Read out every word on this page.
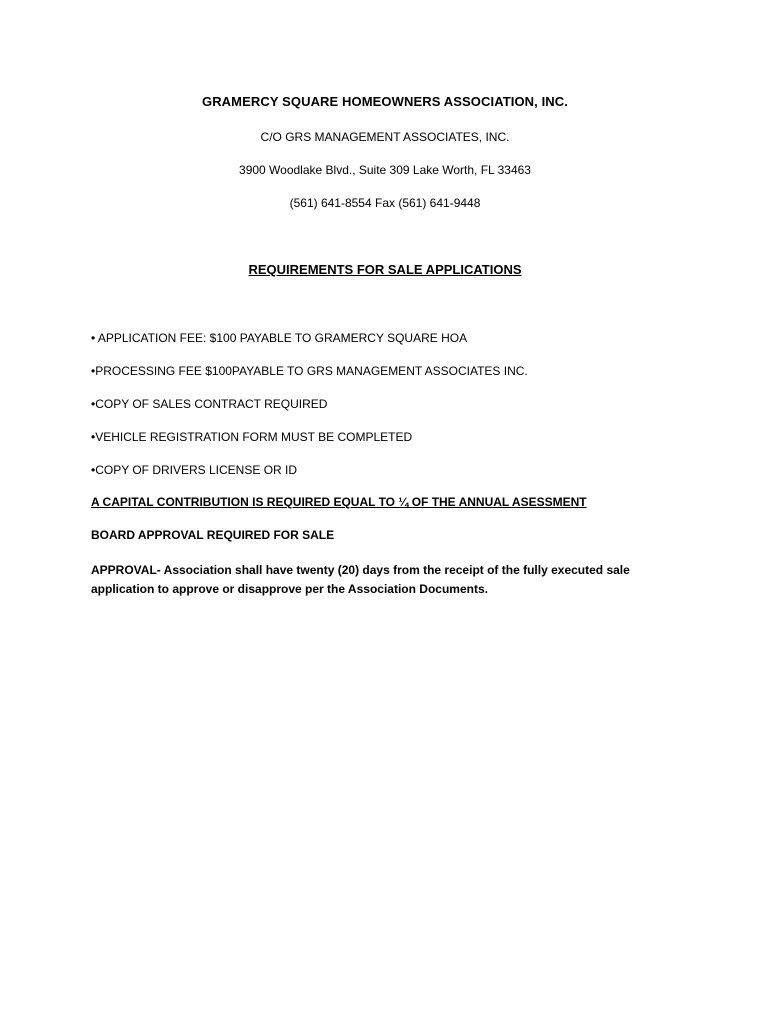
GRAMERCY SQUARE HOMEOWNERS ASSOCIATION, INC.
C/O GRS MANAGEMENT ASSOCIATES, INC.
3900 Woodlake Blvd., Suite 309 Lake Worth, FL 33463
(561) 641-8554 Fax (561) 641-9448
REQUIREMENTS FOR SALE APPLICATIONS
• APPLICATION FEE: $100 PAYABLE TO GRAMERCY SQUARE HOA
•PROCESSING FEE $100PAYABLE TO GRS MANAGEMENT ASSOCIATES INC.
•COPY OF SALES CONTRACT REQUIRED
•VEHICLE REGISTRATION FORM MUST BE COMPLETED
•COPY OF DRIVERS LICENSE OR ID
A CAPITAL CONTRIBUTION IS REQUIRED EQUAL TO ¼ OF THE ANNUAL ASESSMENT
BOARD APPROVAL REQUIRED FOR SALE
APPROVAL- Association shall have twenty (20) days from the receipt of the fully executed sale application to approve or disapprove per the Association Documents.
